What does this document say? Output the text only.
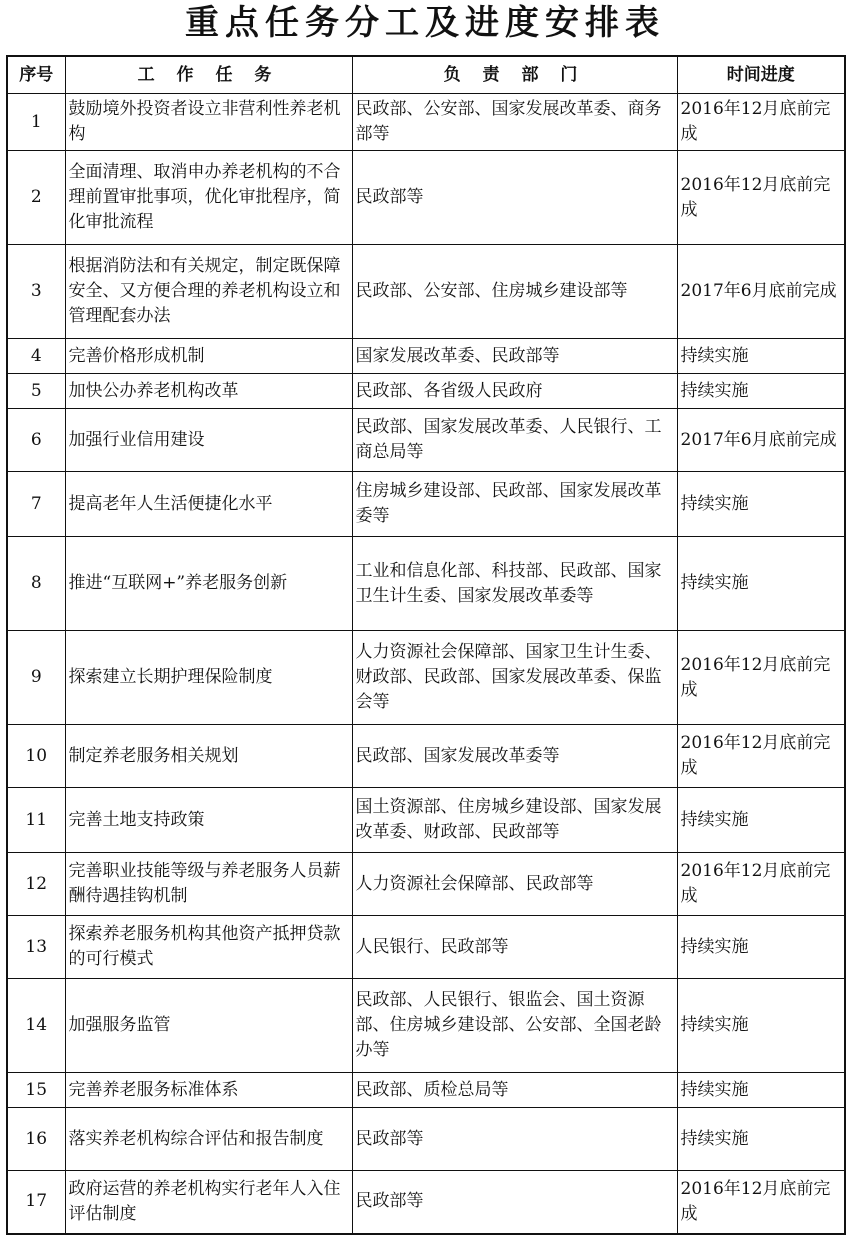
重点任务分工及进度安排表
序号	工 作 任 务	负 责 部 门	时间进度
1	鼓励境外投资者设立非营利性养老机构	民政部、公安部、国家发展改革委、商务部等	2016年12月底前完成
2	全面清理、取消申办养老机构的不合理前置审批事项，优化审批程序，简化审批流程	民政部等	2016年12月底前完成
3	根据消防法和有关规定，制定既保障安全、又方便合理的养老机构设立和管理配套办法	民政部、公安部、住房城乡建设部等	2017年6月底前完成
4	完善价格形成机制	国家发展改革委、民政部等	持续实施
5	加快公办养老机构改革	民政部、各省级人民政府	持续实施
6	加强行业信用建设	民政部、国家发展改革委、人民银行、工商总局等	2017年6月底前完成
7	提高老年人生活便捷化水平	住房城乡建设部、民政部、国家发展改革委等	持续实施
8	推进“互联网+”养老服务创新	工业和信息化部、科技部、民政部、国家卫生计生委、国家发展改革委等	持续实施
9	探索建立长期护理保险制度	人力资源社会保障部、国家卫生计生委、财政部、民政部、国家发展改革委、保监会等	2016年12月底前完成
10	制定养老服务相关规划	民政部、国家发展改革委等	2016年12月底前完成
11	完善土地支持政策	国土资源部、住房城乡建设部、国家发展改革委、财政部、民政部等	持续实施
12	完善职业技能等级与养老服务人员薪酬待遇挂钩机制	人力资源社会保障部、民政部等	2016年12月底前完成
13	探索养老服务机构其他资产抵押贷款的可行模式	人民银行、民政部等	持续实施
14	加强服务监管	民政部、人民银行、银监会、国土资源部、住房城乡建设部、公安部、全国老龄办等	持续实施
15	完善养老服务标准体系	民政部、质检总局等	持续实施
16	落实养老机构综合评估和报告制度	民政部等	持续实施
17	政府运营的养老机构实行老年人入住评估制度	民政部等	2016年12月底前完成
